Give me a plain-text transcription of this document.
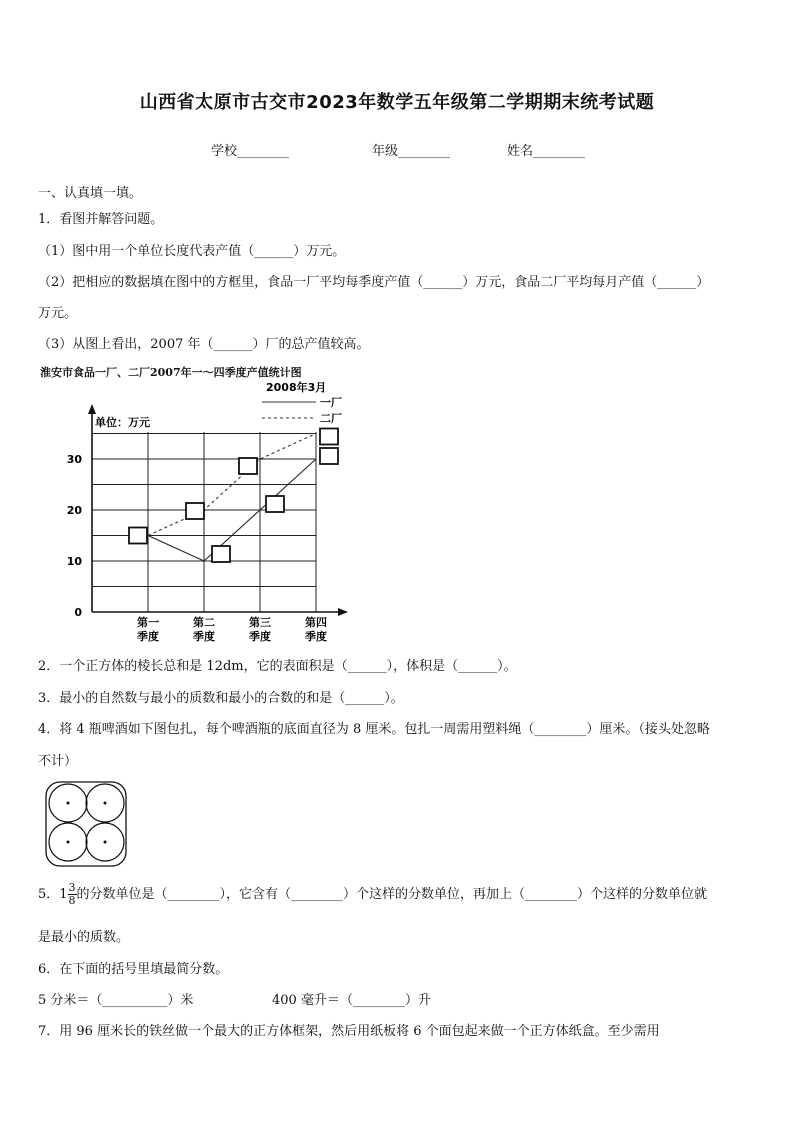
山西省太原市古交市2023年数学五年级第二学期期末统考试题
学校________	年级________	姓名________
一、认真填一填。
1．看图并解答问题。
（1）图中用一个单位长度代表产值（______）万元。
（2）把相应的数据填在图中的方框里，食品一厂平均每季度产值（______）万元，食品二厂平均每月产值（______）
万元。
（3）从图上看出，2007 年（______）厂的总产值较高。
淮安市食品一厂、二厂2007年一～四季度产值统计图
2008年3月
一厂
二厂
单位：万元
0
10
20
30
第一
季度
第二
季度
第三
季度
第四
季度
2．一个正方体的棱长总和是 12dm，它的表面积是（______），体积是（______）。
3．最小的自然数与最小的质数和最小的合数的和是（______）。
4．将 4 瓶啤酒如下图包扎，每个啤酒瓶的底面直径为 8 厘米。包扎一周需用塑料绳（________）厘米。（接头处忽略
不计）
5．$1 \frac{3}{8}$ 的分数单位是（________），它含有（________）个这样的分数单位，再加上（________）个这样的分数单位就
是最小的质数。
6．在下面的括号里填最简分数。
5 分米＝（__________）米	400 毫升＝（________）升
7．用 96 厘米长的铁丝做一个最大的正方体框架，然后用纸板将 6 个面包起来做一个正方体纸盒。至少需用
